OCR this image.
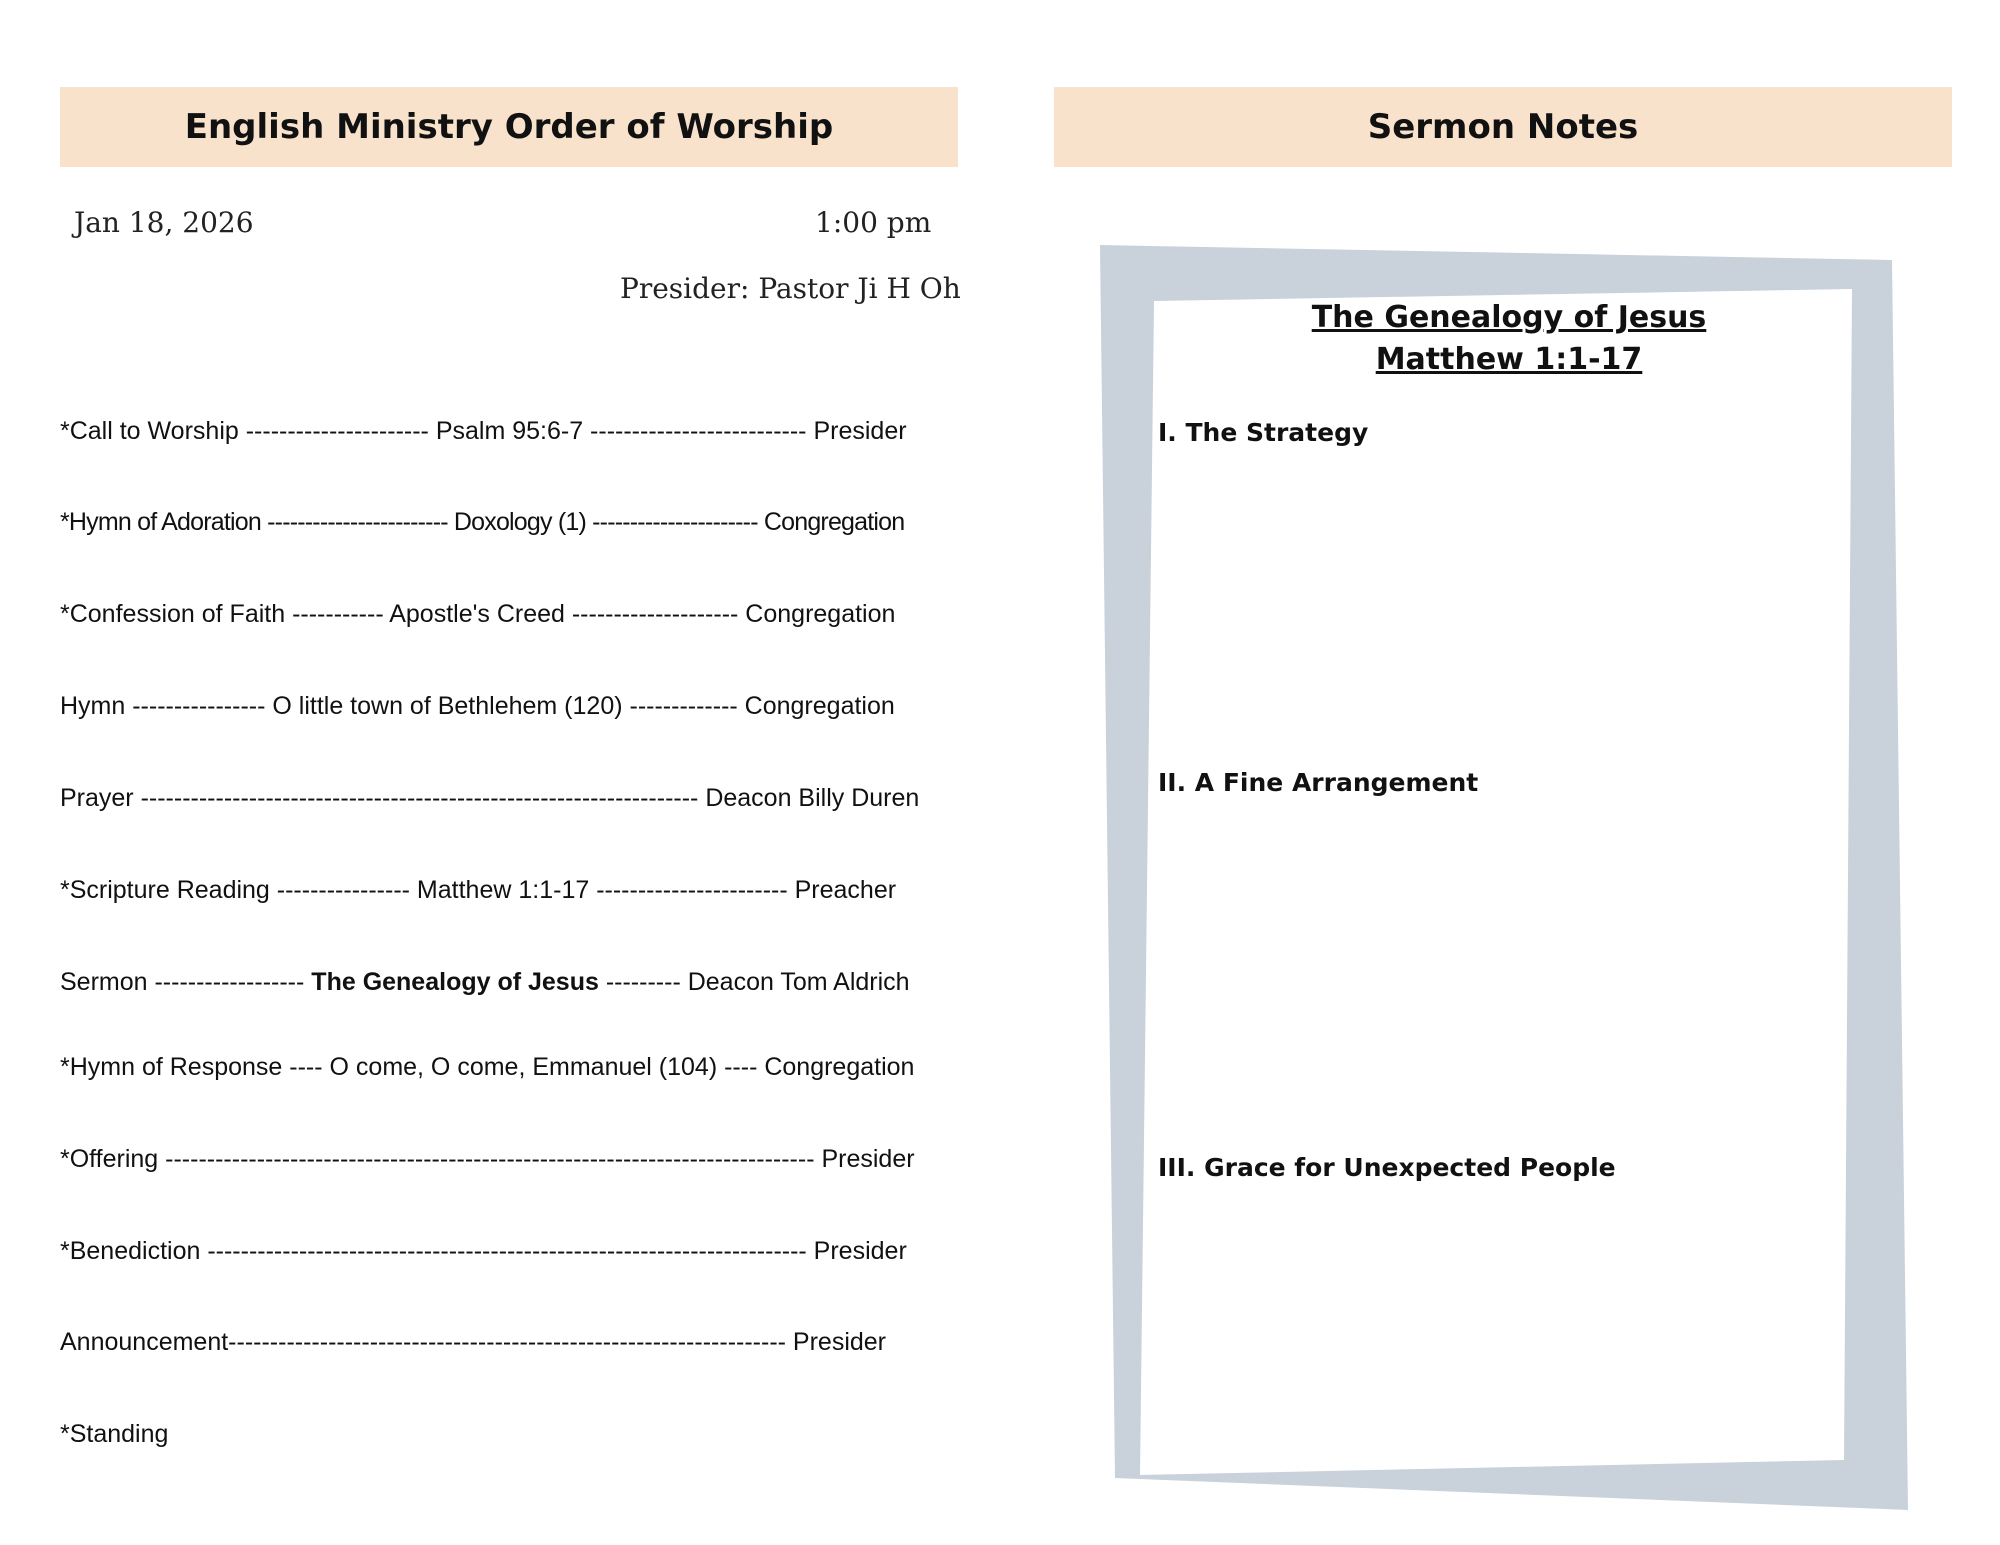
English Ministry Order of Worship
Jan 18, 2026	1:00 pm
Presider: Pastor Ji H Oh
*Call to Worship ---------------------- Psalm 95:6-7 -------------------------- Presider
*Hymn of Adoration ------------------------ Doxology (1) ---------------------- Congregation
*Confession of Faith ----------- Apostle's Creed -------------------- Congregation
Hymn ---------------- O little town of Bethlehem (120) ------------- Congregation
Prayer ------------------------------------------------------------------- Deacon Billy Duren
*Scripture Reading ---------------- Matthew 1:1-17 ----------------------- Preacher
Sermon ------------------ The Genealogy of Jesus --------- Deacon Tom Aldrich
*Hymn of Response ---- O come, O come, Emmanuel (104) ---- Congregation
*Offering ------------------------------------------------------------------------------ Presider
*Benediction ------------------------------------------------------------------------ Presider
Announcement------------------------------------------------------------------- Presider
*Standing
Sermon Notes
The Genealogy of Jesus
Matthew 1:1-17
I. The Strategy
II. A Fine Arrangement
III. Grace for Unexpected People
